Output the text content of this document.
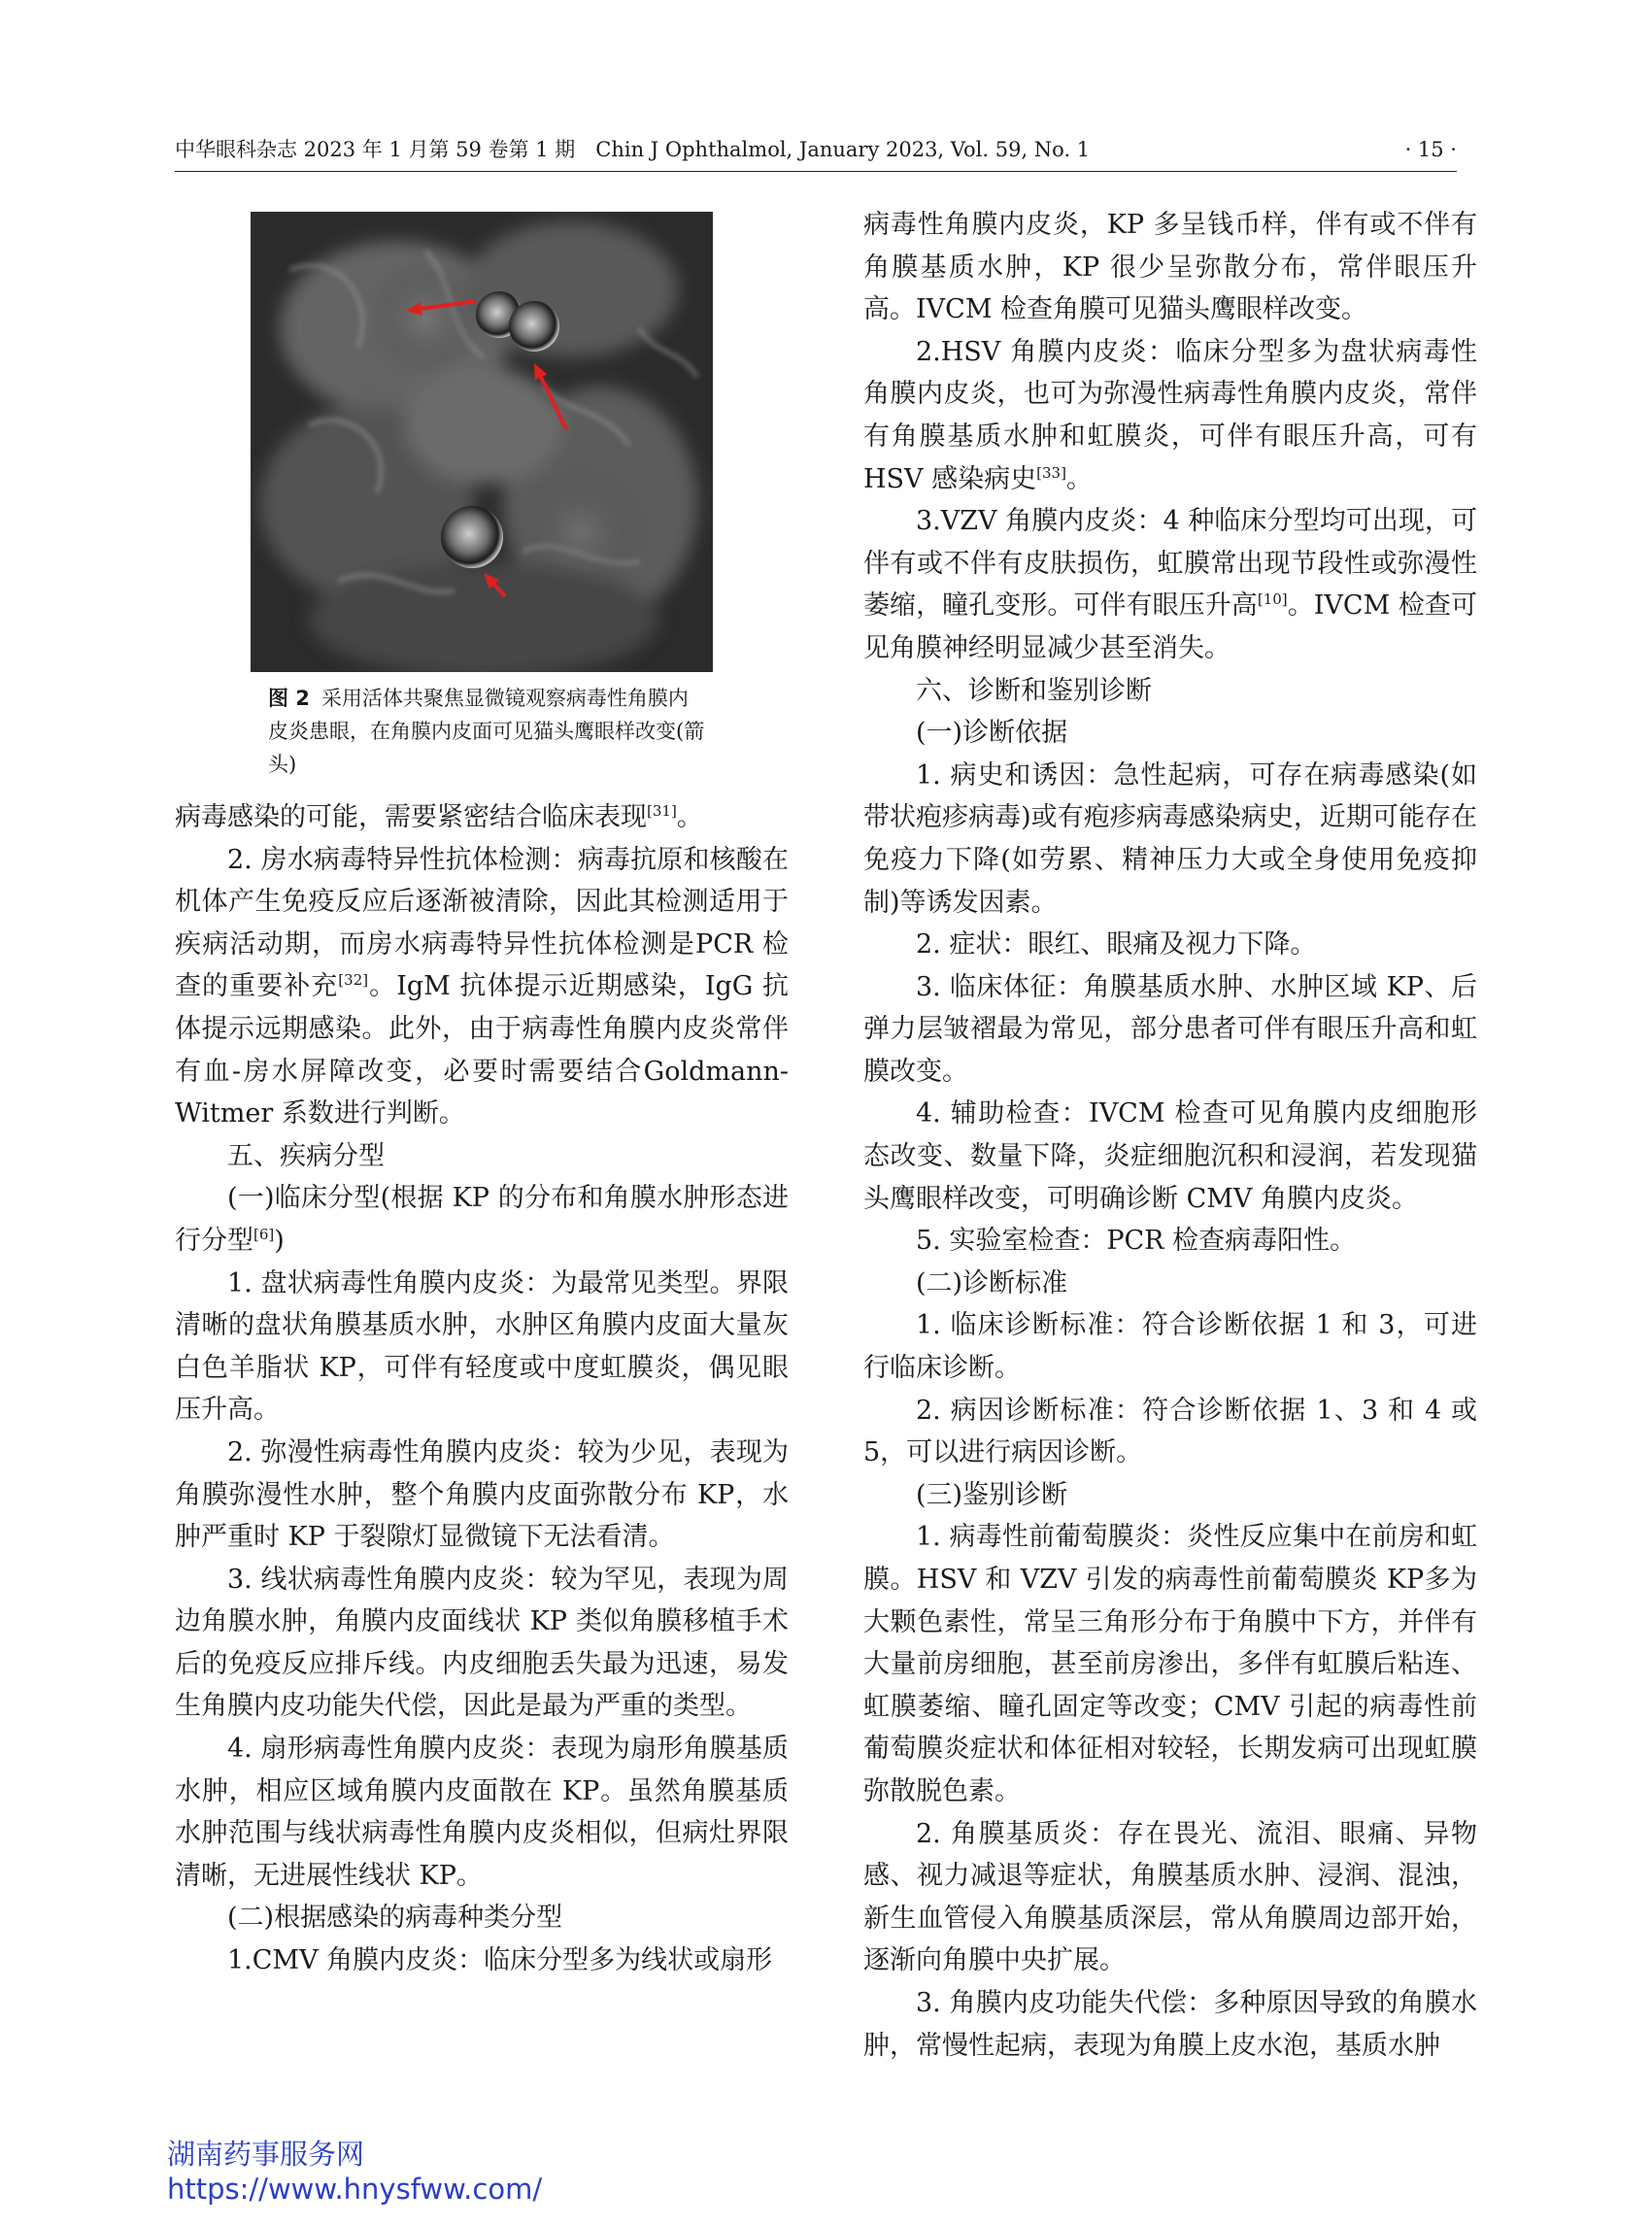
中华眼科杂志 2023 年 1 月第 59 卷第 1 期　Chin J Ophthalmol, January 2023, Vol. 59, No. 1	· 15 ·
图 2 采用活体共聚焦显微镜观察病毒性角膜内皮炎患眼，在角膜内皮面可见猫头鹰眼样改变(箭头)

病毒感染的可能，需要紧密结合临床表现[31]。

2. 房水病毒特异性抗体检测：病毒抗原和核酸在机体产生免疫反应后逐渐被清除，因此其检测适用于疾病活动期，而房水病毒特异性抗体检测是PCR 检查的重要补充[32]。IgM 抗体提示近期感染，IgG 抗体提示远期感染。此外，由于病毒性角膜内皮炎常伴有血-房水屏障改变，必要时需要结合Goldmann-Witmer 系数进行判断。

五、疾病分型

(一)临床分型(根据 KP 的分布和角膜水肿形态进行分型[6])

1. 盘状病毒性角膜内皮炎：为最常见类型。界限清晰的盘状角膜基质水肿，水肿区角膜内皮面大量灰白色羊脂状 KP，可伴有轻度或中度虹膜炎，偶见眼压升高。

2. 弥漫性病毒性角膜内皮炎：较为少见，表现为角膜弥漫性水肿，整个角膜内皮面弥散分布 KP，水肿严重时 KP 于裂隙灯显微镜下无法看清。

3. 线状病毒性角膜内皮炎：较为罕见，表现为周边角膜水肿，角膜内皮面线状 KP 类似角膜移植手术后的免疫反应排斥线。内皮细胞丢失最为迅速，易发生角膜内皮功能失代偿，因此是最为严重的类型。

4. 扇形病毒性角膜内皮炎：表现为扇形角膜基质水肿，相应区域角膜内皮面散在 KP。虽然角膜基质水肿范围与线状病毒性角膜内皮炎相似，但病灶界限清晰，无进展性线状 KP。

(二)根据感染的病毒种类分型

1.CMV 角膜内皮炎：临床分型多为线状或扇形

病毒性角膜内皮炎，KP 多呈钱币样，伴有或不伴有角膜基质水肿，KP 很少呈弥散分布，常伴眼压升高。IVCM 检查角膜可见猫头鹰眼样改变。

2.HSV 角膜内皮炎：临床分型多为盘状病毒性角膜内皮炎，也可为弥漫性病毒性角膜内皮炎，常伴有角膜基质水肿和虹膜炎，可伴有眼压升高，可有 HSV 感染病史[33]。

3.VZV 角膜内皮炎：4 种临床分型均可出现，可伴有或不伴有皮肤损伤，虹膜常出现节段性或弥漫性萎缩，瞳孔变形。可伴有眼压升高[10]。IVCM 检查可见角膜神经明显减少甚至消失。

六、诊断和鉴别诊断

(一)诊断依据

1. 病史和诱因：急性起病，可存在病毒感染(如带状疱疹病毒)或有疱疹病毒感染病史，近期可能存在免疫力下降(如劳累、精神压力大或全身使用免疫抑制)等诱发因素。

2. 症状：眼红、眼痛及视力下降。

3. 临床体征：角膜基质水肿、水肿区域 KP、后弹力层皱褶最为常见，部分患者可伴有眼压升高和虹膜改变。

4. 辅助检查：IVCM 检查可见角膜内皮细胞形态改变、数量下降，炎症细胞沉积和浸润，若发现猫头鹰眼样改变，可明确诊断 CMV 角膜内皮炎。

5. 实验室检查：PCR 检查病毒阳性。

(二)诊断标准

1. 临床诊断标准：符合诊断依据 1 和 3，可进行临床诊断。

2. 病因诊断标准：符合诊断依据 1、3 和 4 或 5，可以进行病因诊断。

(三)鉴别诊断

1. 病毒性前葡萄膜炎：炎性反应集中在前房和虹膜。HSV 和 VZV 引发的病毒性前葡萄膜炎 KP多为大颗色素性，常呈三角形分布于角膜中下方，并伴有大量前房细胞，甚至前房渗出，多伴有虹膜后粘连、虹膜萎缩、瞳孔固定等改变；CMV 引起的病毒性前葡萄膜炎症状和体征相对较轻，长期发病可出现虹膜弥散脱色素。

2. 角膜基质炎：存在畏光、流泪、眼痛、异物感、视力减退等症状，角膜基质水肿、浸润、混浊，新生血管侵入角膜基质深层，常从角膜周边部开始，逐渐向角膜中央扩展。

3. 角膜内皮功能失代偿：多种原因导致的角膜水肿，常慢性起病，表现为角膜上皮水泡，基质水肿

湖南药事服务网
https://www.hnysfww.com/
